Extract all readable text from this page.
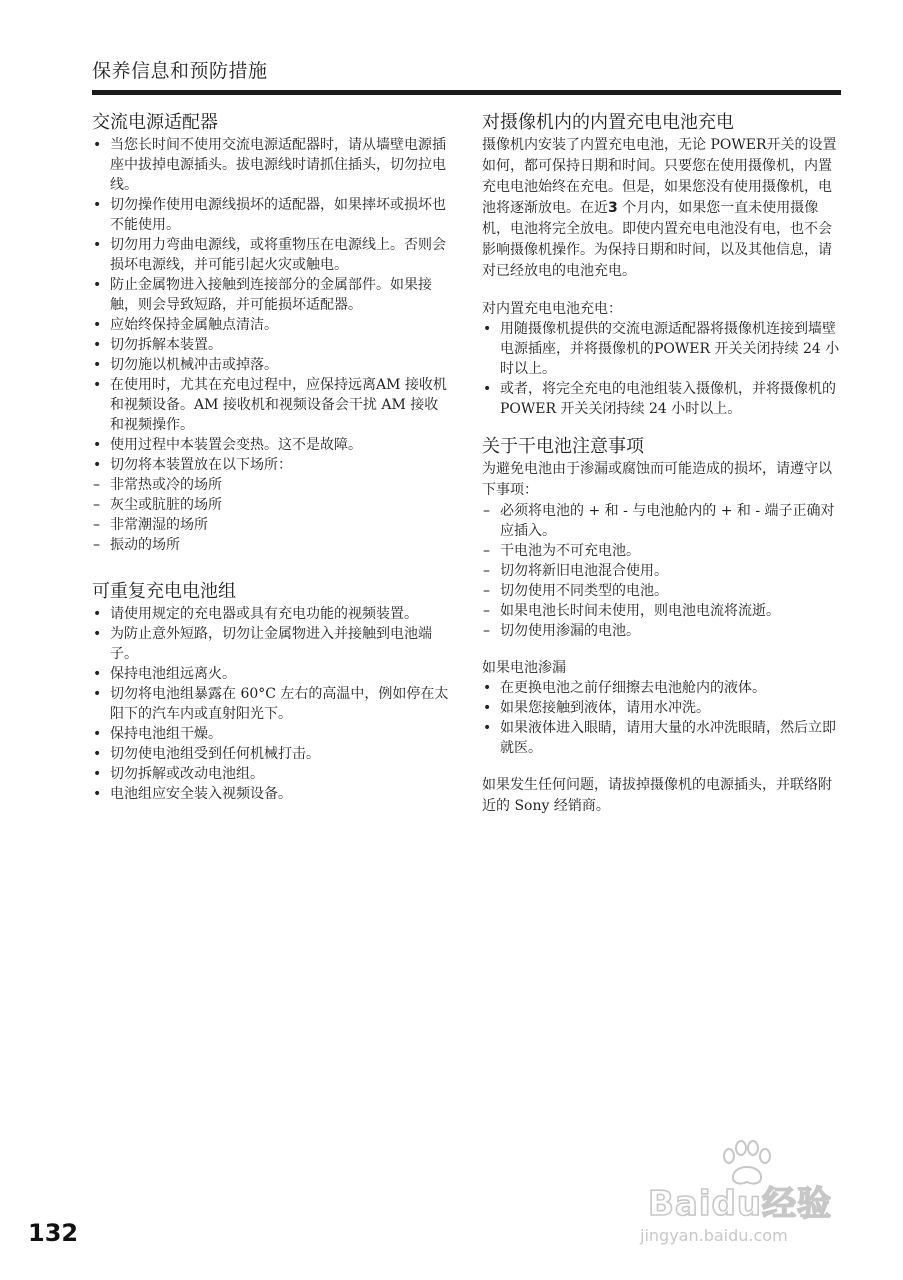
保养信息和预防措施
交流电源适配器
• 当您长时间不使用交流电源适配器时，请从墙壁电源插座中拔掉电源插头。拔电源线时请抓住插头，切勿拉电线。
• 切勿操作使用电源线损坏的适配器，如果摔坏或损坏也不能使用。
• 切勿用力弯曲电源线，或将重物压在电源线上。否则会损坏电源线，并可能引起火灾或触电。
• 防止金属物进入接触到连接部分的金属部件。如果接触，则会导致短路，并可能损坏适配器。
• 应始终保持金属触点清洁。
• 切勿拆解本装置。
• 切勿施以机械冲击或掉落。
• 在使用时，尤其在充电过程中，应保持远离AM 接收机和视频设备。AM 接收机和视频设备会干扰 AM 接收和视频操作。
• 使用过程中本装置会变热。这不是故障。
• 切勿将本装置放在以下场所：
– 非常热或冷的场所
– 灰尘或肮脏的场所
– 非常潮湿的场所
– 振动的场所
可重复充电电池组
• 请使用规定的充电器或具有充电功能的视频装置。
• 为防止意外短路，切勿让金属物进入并接触到电池端子。
• 保持电池组远离火。
• 切勿将电池组暴露在 60°C 左右的高温中，例如停在太阳下的汽车内或直射阳光下。
• 保持电池组干燥。
• 切勿使电池组受到任何机械打击。
• 切勿拆解或改动电池组。
• 电池组应安全装入视频设备。
对摄像机内的内置充电电池充电

摄像机内安装了内置充电电池，无论 POWER开关的设置如何，都可保持日期和时间。只要您在使用摄像机，内置充电电池始终在充电。但是，如果您没有使用摄像机，电池将逐渐放电。在近3 个月内，如果您一直未使用摄像机，电池将完全放电。即使内置充电电池没有电，也不会影响摄像机操作。为保持日期和时间，以及其他信息，请对已经放电的电池充电。

对内置充电电池充电：
• 用随摄像机提供的交流电源适配器将摄像机连接到墙壁电源插座，并将摄像机的POWER 开关关闭持续 24 小时以上。
• 或者，将完全充电的电池组装入摄像机，并将摄像机的 POWER 开关关闭持续 24 小时以上。
关于干电池注意事项

为避免电池由于渗漏或腐蚀而可能造成的损坏，请遵守以下事项：

– 必须将电池的 + 和 - 与电池舱内的 + 和 - 端子正确对应插入。
– 干电池为不可充电池。
– 切勿将新旧电池混合使用。
– 切勿使用不同类型的电池。
– 如果电池长时间未使用，则电池电流将流逝。
– 切勿使用渗漏的电池。
如果电池渗漏
• 在更换电池之前仔细擦去电池舱内的液体。
• 如果您接触到液体，请用水冲洗。
• 如果液体进入眼睛，请用大量的水冲洗眼睛，然后立即就医。

如果发生任何问题，请拔掉摄像机的电源插头，并联络附近的 Sony 经销商。

132
Baidu经验
jingyan.baidu.com
